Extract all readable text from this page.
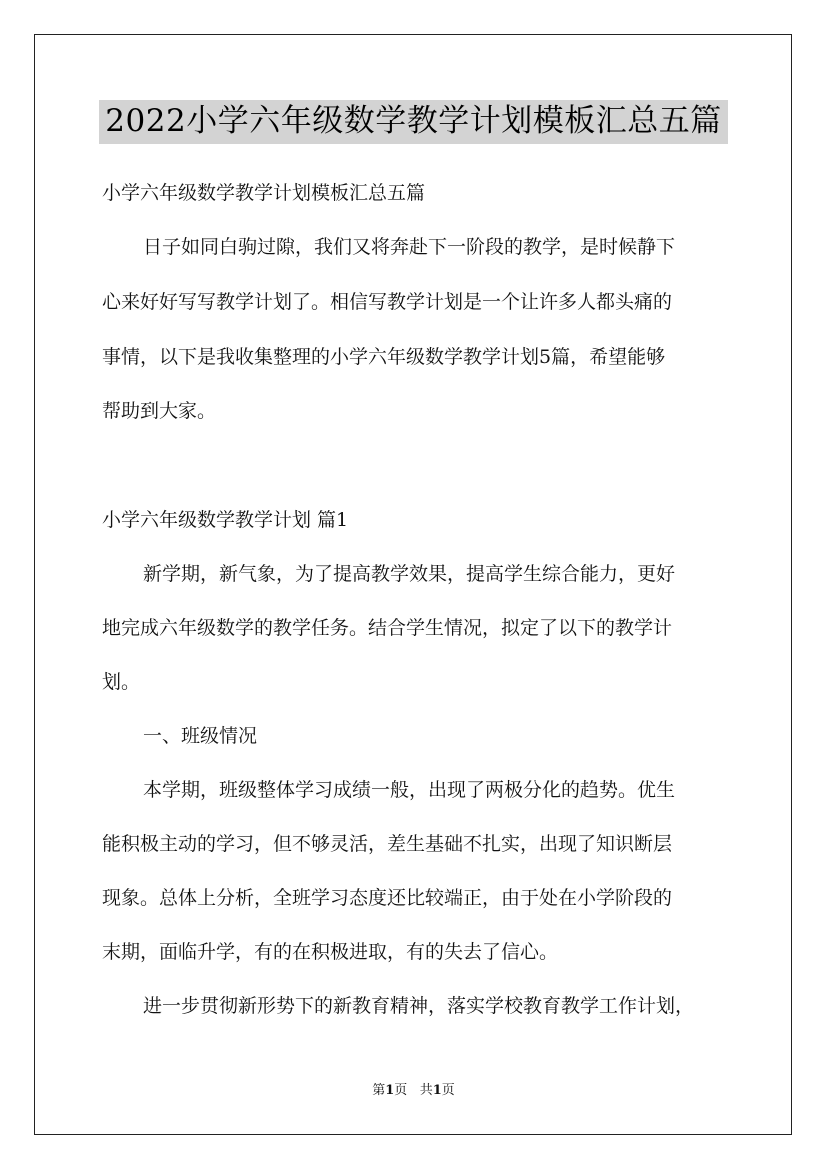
2022小学六年级数学教学计划模板汇总五篇
小学六年级数学教学计划模板汇总五篇
日子如同白驹过隙，我们又将奔赴下一阶段的教学，是时候静下
心来好好写写教学计划了。相信写教学计划是一个让许多人都头痛的
事情，以下是我收集整理的小学六年级数学教学计划5篇，希望能够
帮助到大家。
小学六年级数学教学计划 篇1
新学期，新气象，为了提高教学效果，提高学生综合能力，更好
地完成六年级数学的教学任务。结合学生情况，拟定了以下的教学计
划。
一、班级情况
本学期，班级整体学习成绩一般，出现了两极分化的趋势。优生
能积极主动的学习，但不够灵活，差生基础不扎实，出现了知识断层
现象。总体上分析，全班学习态度还比较端正，由于处在小学阶段的
末期，面临升学，有的在积极进取，有的失去了信心。
进一步贯彻新形势下的新教育精神，落实学校教育教学工作计划，
第1页 共1页
